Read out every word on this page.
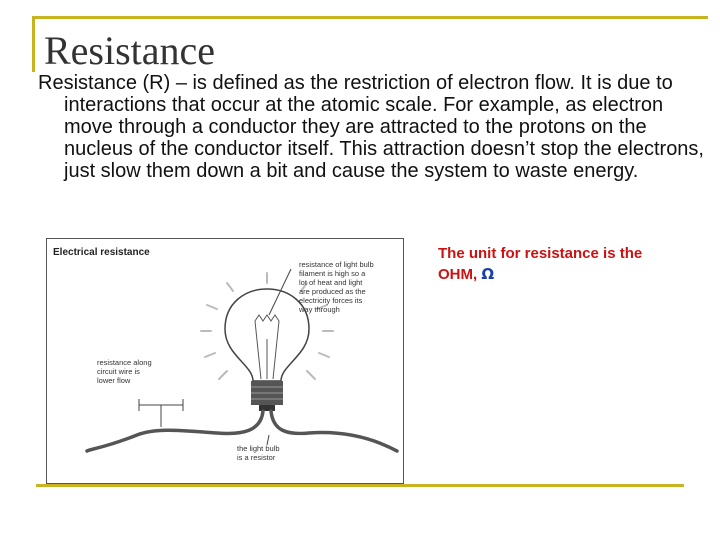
Resistance

Resistance (R) – is defined as the restriction of electron flow. It is due to interactions that occur at the atomic scale. For example, as electron move through a conductor they are attracted to the protons on the nucleus of the conductor itself. This attraction doesn’t stop the electrons, just slow them down a bit and cause the system to waste energy.

Electrical resistance
resistance of light bulb
filament is high so a
lot of heat and light
are produced as the
electricity forces its
way through
resistance along
circuit wire is
lower flow
the light bulb
is a resistor

The unit for resistance is the OHM, Ω
